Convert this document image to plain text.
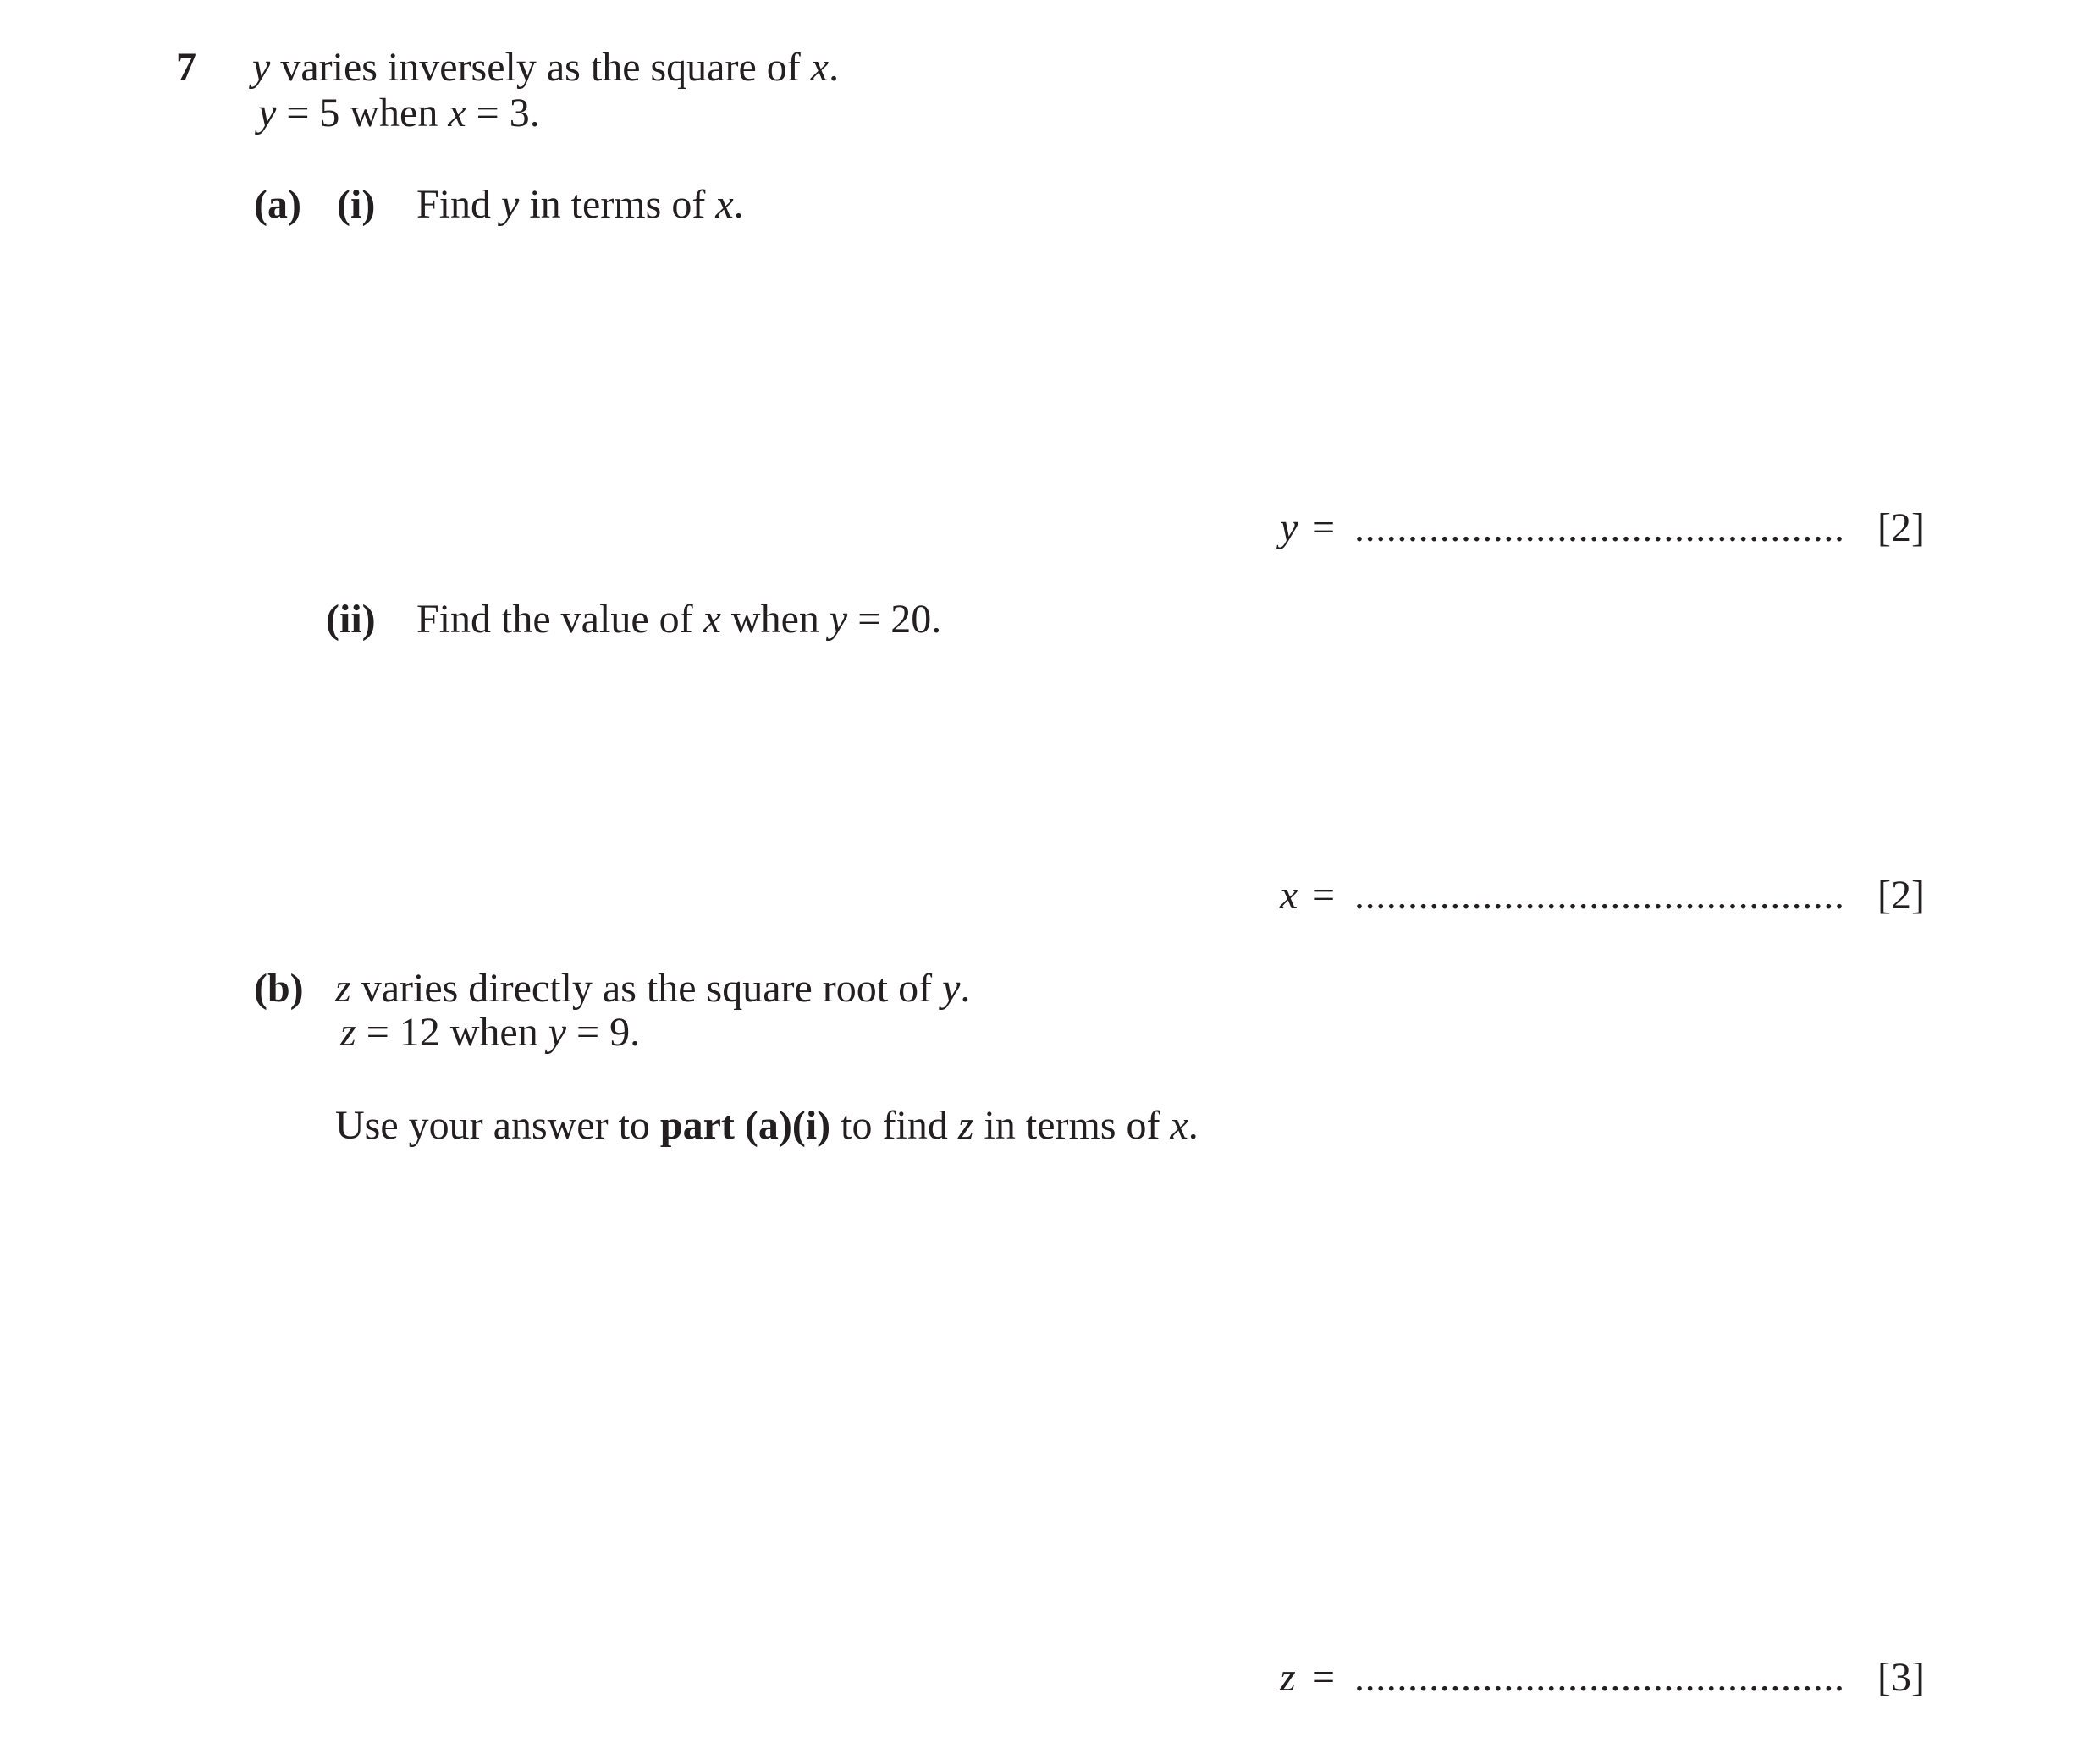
7 y varies inversely as the square of x.
y = 5 when x = 3.
(a) (i) Find y in terms of x.
y = .............................................. [2]
(ii) Find the value of x when y = 20.
x = .............................................. [2]
(b) z varies directly as the square root of y.
z = 12 when y = 9.
Use your answer to part (a)(i) to find z in terms of x.
z = .............................................. [3]
